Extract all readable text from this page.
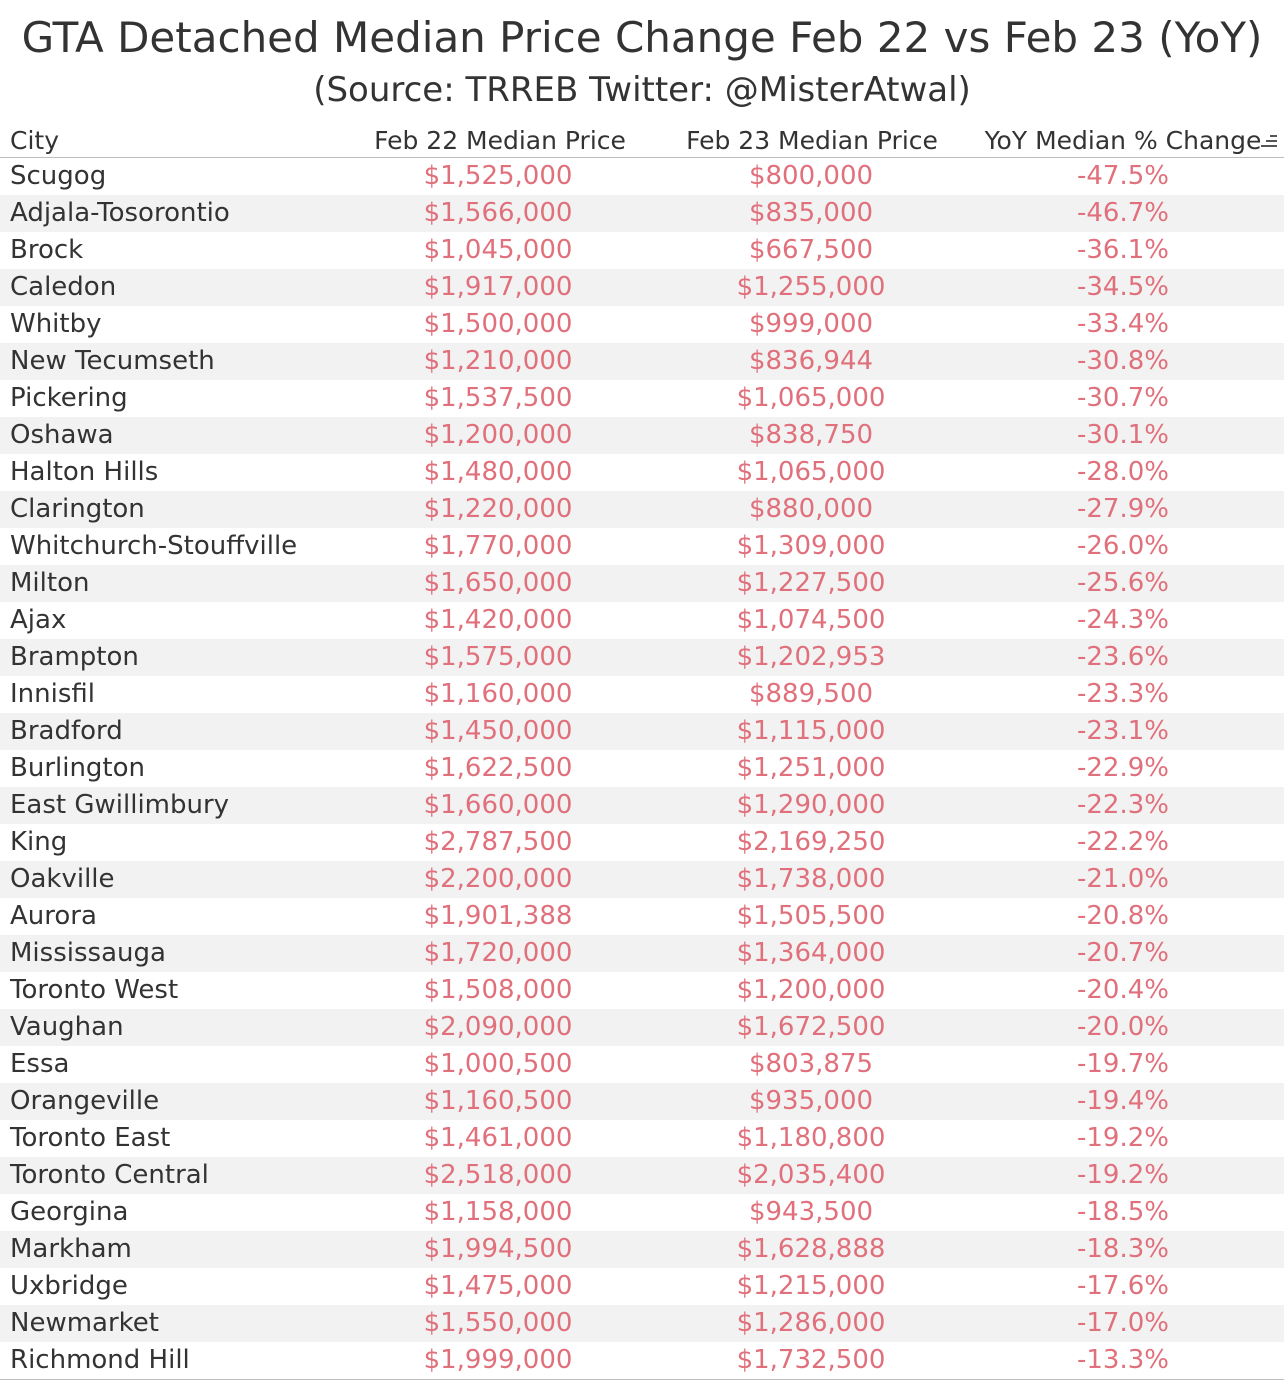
GTA Detached Median Price Change Feb 22 vs Feb 23 (YoY)
(Source: TRREB Twitter: @MisterAtwal)
City	Feb 22 Median Price	Feb 23 Median Price	YoY Median % Change
Scugog	$1,525,000	$800,000	-47.5%
Adjala-Tosorontio	$1,566,000	$835,000	-46.7%
Brock	$1,045,000	$667,500	-36.1%
Caledon	$1,917,000	$1,255,000	-34.5%
Whitby	$1,500,000	$999,000	-33.4%
New Tecumseth	$1,210,000	$836,944	-30.8%
Pickering	$1,537,500	$1,065,000	-30.7%
Oshawa	$1,200,000	$838,750	-30.1%
Halton Hills	$1,480,000	$1,065,000	-28.0%
Clarington	$1,220,000	$880,000	-27.9%
Whitchurch-Stouffville	$1,770,000	$1,309,000	-26.0%
Milton	$1,650,000	$1,227,500	-25.6%
Ajax	$1,420,000	$1,074,500	-24.3%
Brampton	$1,575,000	$1,202,953	-23.6%
Innisfil	$1,160,000	$889,500	-23.3%
Bradford	$1,450,000	$1,115,000	-23.1%
Burlington	$1,622,500	$1,251,000	-22.9%
East Gwillimbury	$1,660,000	$1,290,000	-22.3%
King	$2,787,500	$2,169,250	-22.2%
Oakville	$2,200,000	$1,738,000	-21.0%
Aurora	$1,901,388	$1,505,500	-20.8%
Mississauga	$1,720,000	$1,364,000	-20.7%
Toronto West	$1,508,000	$1,200,000	-20.4%
Vaughan	$2,090,000	$1,672,500	-20.0%
Essa	$1,000,500	$803,875	-19.7%
Orangeville	$1,160,500	$935,000	-19.4%
Toronto East	$1,461,000	$1,180,800	-19.2%
Toronto Central	$2,518,000	$2,035,400	-19.2%
Georgina	$1,158,000	$943,500	-18.5%
Markham	$1,994,500	$1,628,888	-18.3%
Uxbridge	$1,475,000	$1,215,000	-17.6%
Newmarket	$1,550,000	$1,286,000	-17.0%
Richmond Hill	$1,999,000	$1,732,500	-13.3%
